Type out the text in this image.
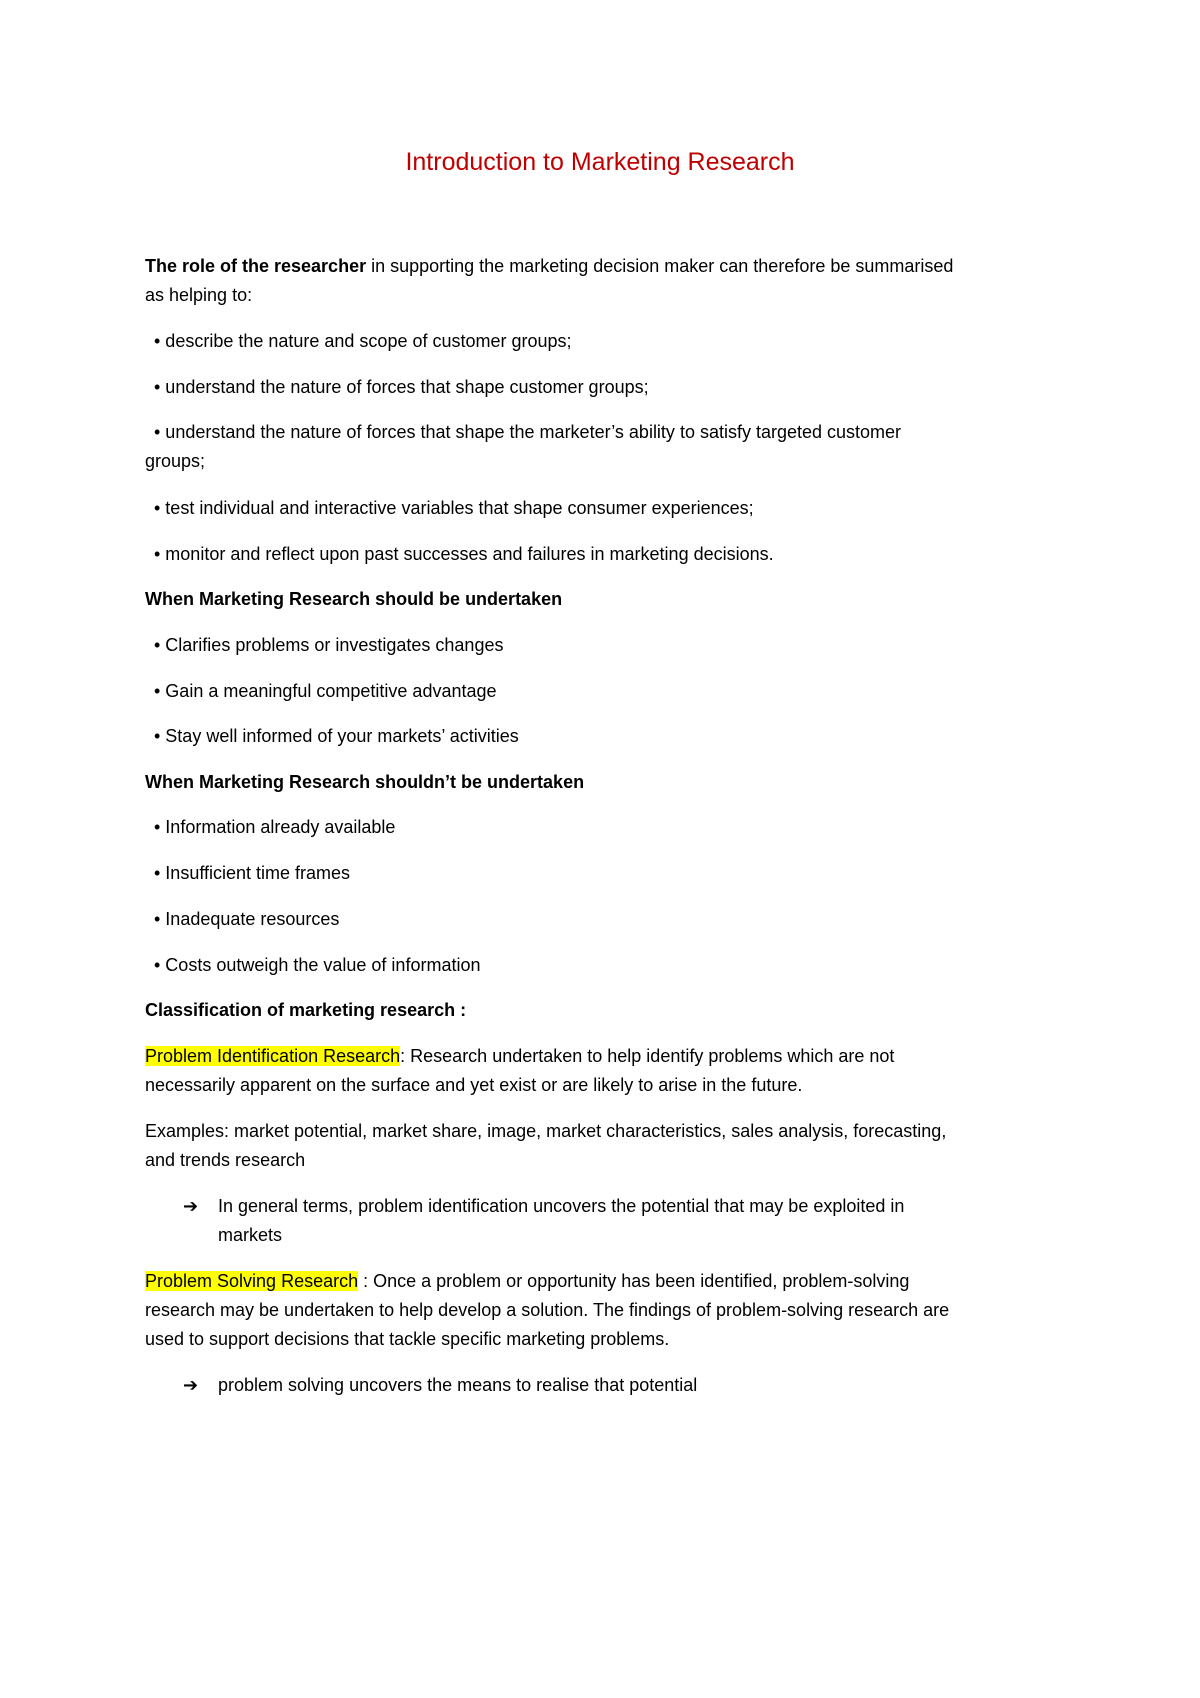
Introduction to Marketing Research
The role of the researcher in supporting the marketing decision maker can therefore be summarised
as helping to:
• describe the nature and scope of customer groups;
• understand the nature of forces that shape customer groups;
• understand the nature of forces that shape the marketer’s ability to satisfy targeted customer
groups;
• test individual and interactive variables that shape consumer experiences;
• monitor and reflect upon past successes and failures in marketing decisions.
When Marketing Research should be undertaken
• Clarifies problems or investigates changes
• Gain a meaningful competitive advantage
• Stay well informed of your markets’ activities
When Marketing Research shouldn’t be undertaken
• Information already available
• Insufficient time frames
• Inadequate resources
• Costs outweigh the value of information
Classification of marketing research :
Problem Identification Research: Research undertaken to help identify problems which are not
necessarily apparent on the surface and yet exist or are likely to arise in the future.
Examples: market potential, market share, image, market characteristics, sales analysis, forecasting,
and trends research
➔ In general terms, problem identification uncovers the potential that may be exploited in
markets
Problem Solving Research : Once a problem or opportunity has been identified, problem-solving
research may be undertaken to help develop a solution. The findings of problem-solving research are
used to support decisions that tackle specific marketing problems.
➔ problem solving uncovers the means to realise that potential
